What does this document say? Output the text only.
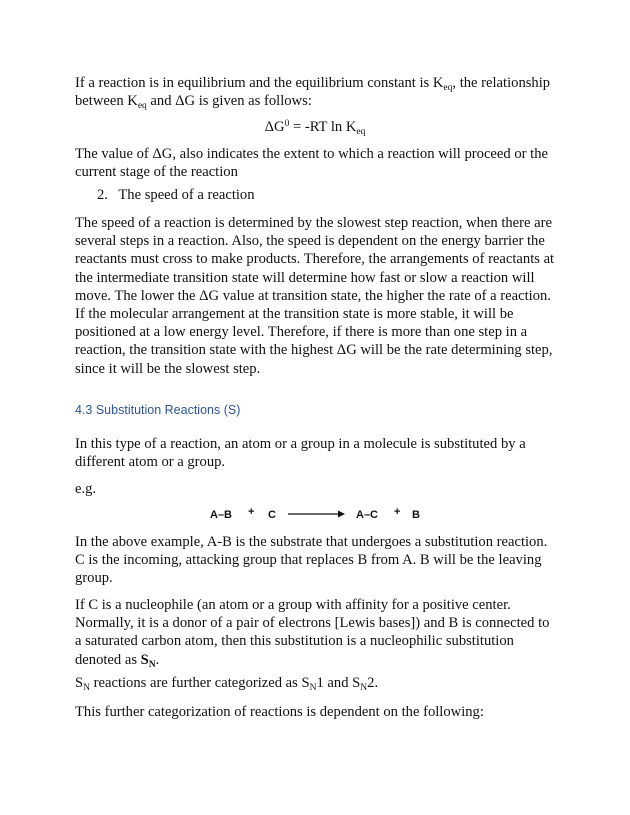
If a reaction is in equilibrium and the equilibrium constant is $K_{eq}$, the relationship
between $K_{eq}$ and ΔG is given as follows:

$\Delta G^0 = -RT$ $\ln K_{eq}$

The value of ΔG, also indicates the extent to which a reaction will proceed or the current stage of the reaction

2. The speed of a reaction

The speed of a reaction is determined by the slowest step reaction, when there are several steps in a reaction. Also, the speed is dependent on the energy barrier the reactants must cross to make products. Therefore, the arrangements of reactants at the intermediate transition state will determine how fast or slow a reaction will move. The lower the ΔG value at transition state, the higher the rate of a reaction. If the molecular arrangement at the transition state is more stable, it will be positioned at a low energy level. Therefore, if there is more than one step in a reaction, the transition state with the highest ΔG will be the rate determining step, since it will be the slowest step.

4.3 Substitution Reactions (S)

In this type of a reaction, an atom or a group in a molecule is substituted by a different atom or a group.

e.g.

A–B + C	A–C + B

In the above example, A-B is the substrate that undergoes a substitution reaction. C is the incoming, attacking group that replaces B from A. B will be the leaving group.

If C is a nucleophile (an atom or a group with affinity for a positive center. Normally, it is a donor of a pair of electrons [Lewis bases]) and B is connected to a saturated carbon atom, then this substitution is a nucleophilic substitution denoted as $S_N$.

$S_N$ reactions are further categorized as $S_N1$ and $S_N2$.

This further categorization of reactions is dependent on the following:
